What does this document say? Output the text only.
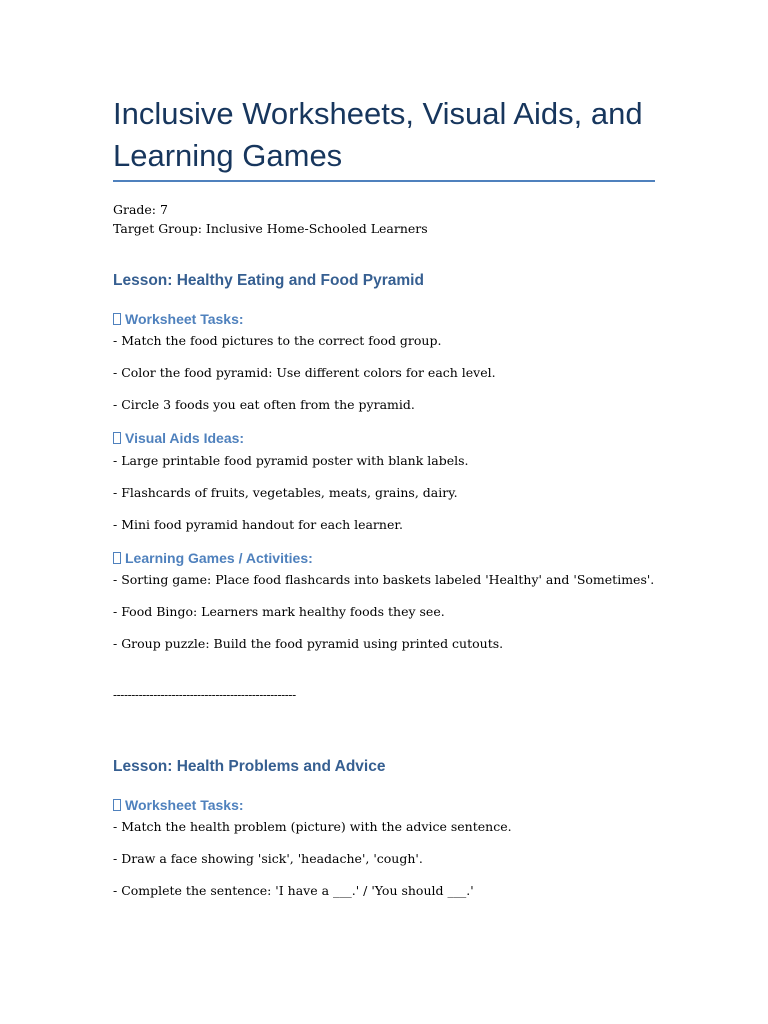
Inclusive Worksheets, Visual Aids, and Learning Games
Grade: 7
Target Group: Inclusive Home-Schooled Learners
Lesson: Healthy Eating and Food Pyramid
Worksheet Tasks:
- Match the food pictures to the correct food group.
- Color the food pyramid: Use different colors for each level.
- Circle 3 foods you eat often from the pyramid.
Visual Aids Ideas:
- Large printable food pyramid poster with blank labels.
- Flashcards of fruits, vegetables, meats, grains, dairy.
- Mini food pyramid handout for each learner.
Learning Games / Activities:
- Sorting game: Place food flashcards into baskets labeled 'Healthy' and 'Sometimes'.
- Food Bingo: Learners mark healthy foods they see.
- Group puzzle: Build the food pyramid using printed cutouts.
--------------------------------------------------
Lesson: Health Problems and Advice
Worksheet Tasks:
- Match the health problem (picture) with the advice sentence.
- Draw a face showing 'sick', 'headache', 'cough'.
- Complete the sentence: 'I have a ___.' / 'You should ___.'
